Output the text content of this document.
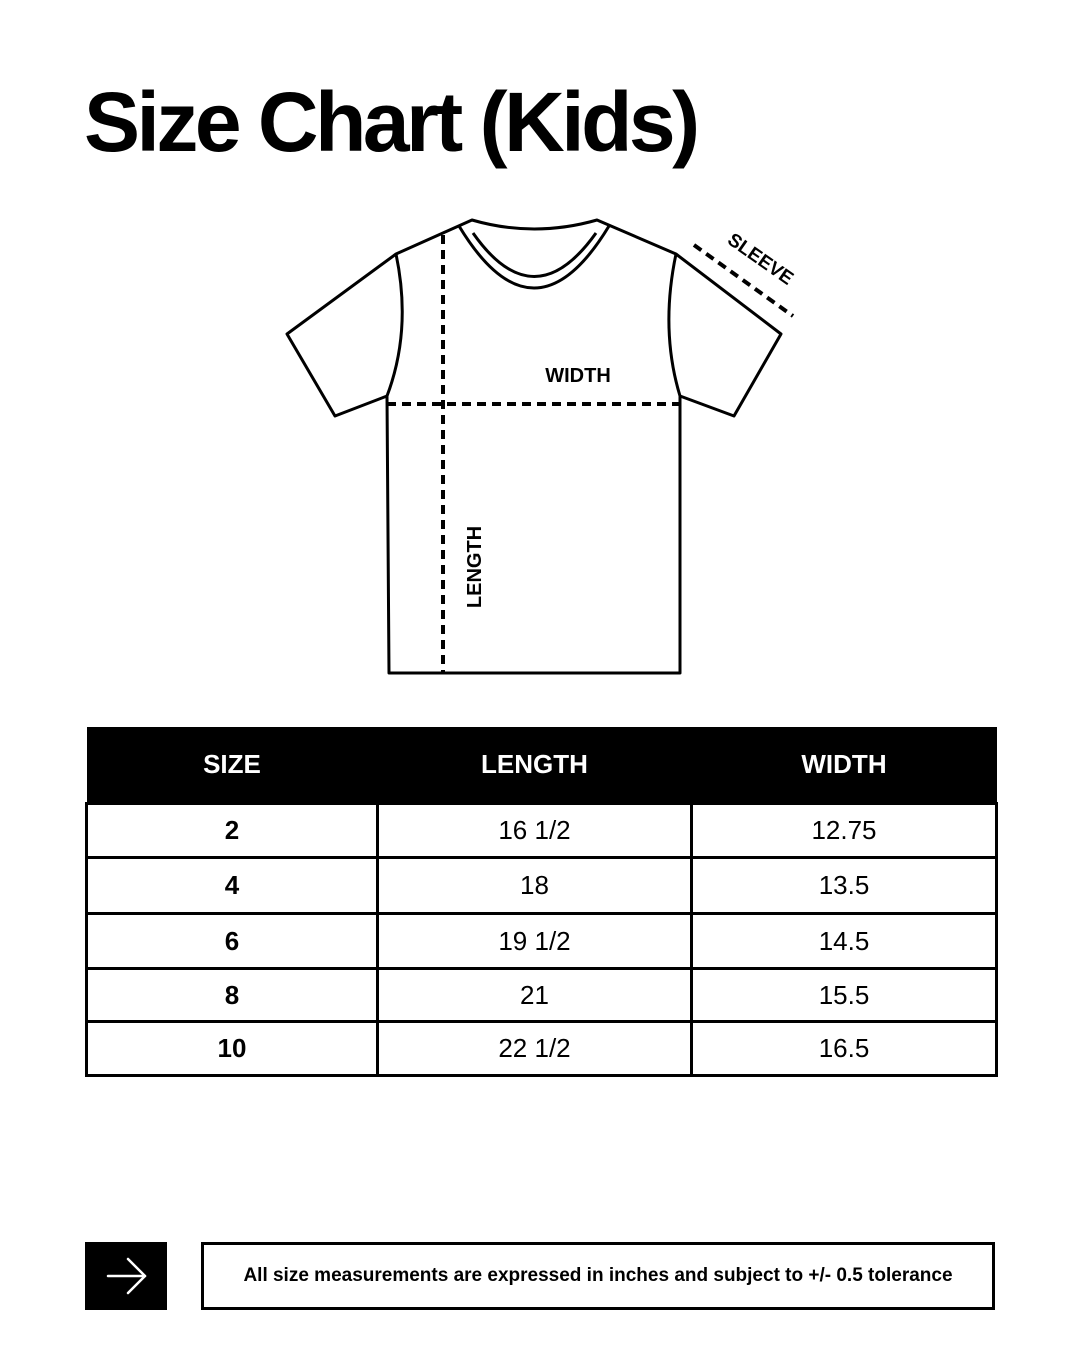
Size Chart (Kids)
WIDTH
LENGTH
SLEEVE
SIZE	LENGTH	WIDTH
2	16 1/2	12.75
4	18	13.5
6	19 1/2	14.5
8	21	15.5
10	22 1/2	16.5
All size measurements are expressed in inches and subject to +/- 0.5 tolerance
